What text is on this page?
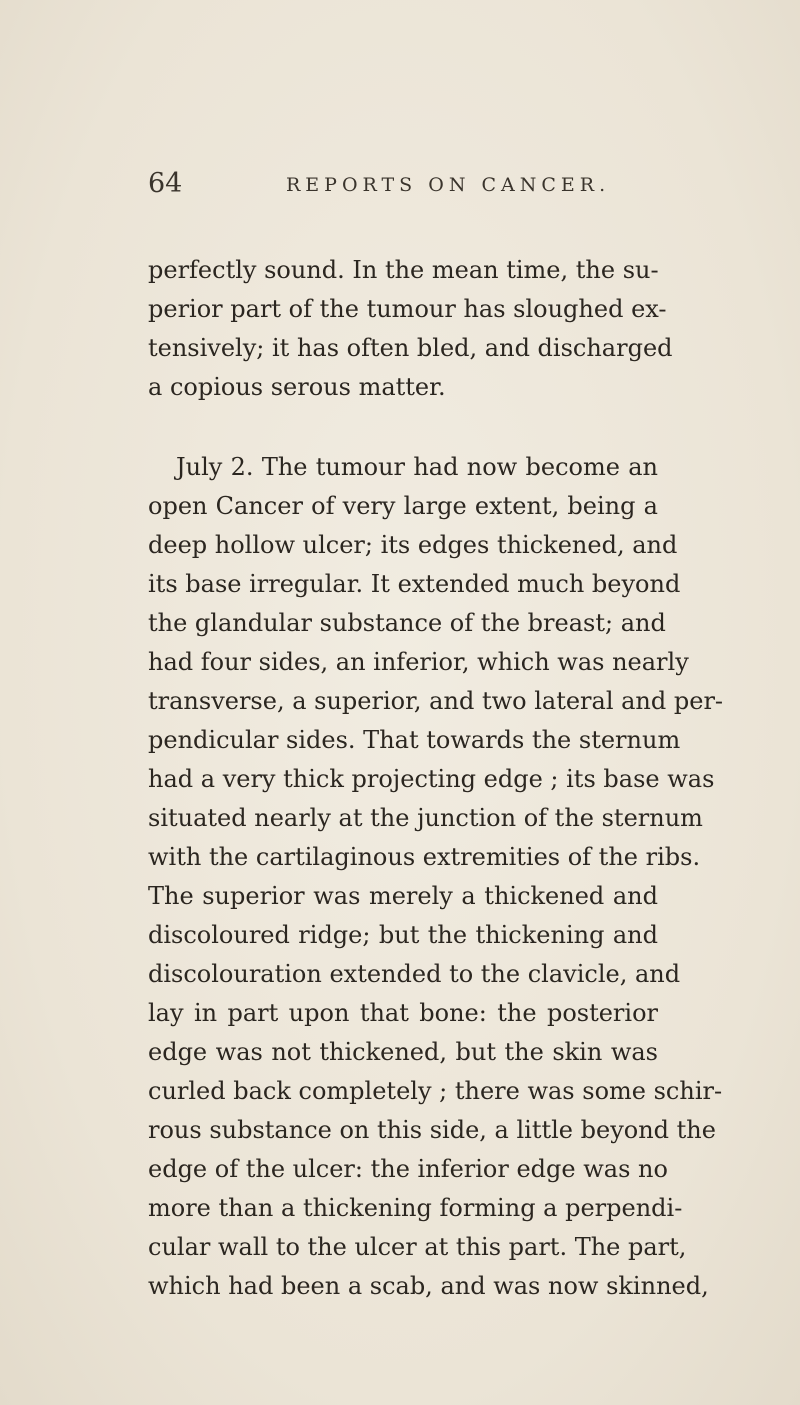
64	REPORTS ON CANCER.
perfectly sound. In the mean time, the su-
perior part of the tumour has sloughed ex-
tensively; it has often bled, and discharged
a copious serous matter.
July 2. The tumour had now become an
open Cancer of very large extent, being a
deep hollow ulcer; its edges thickened, and
its base irregular. It extended much beyond
the glandular substance of the breast; and
had four sides, an inferior, which was nearly
transverse, a superior, and two lateral and per-
pendicular sides. That towards the sternum
had a very thick projecting edge ; its base was
situated nearly at the junction of the sternum
with the cartilaginous extremities of the ribs.
The superior was merely a thickened and
discoloured ridge; but the thickening and
discolouration extended to the clavicle, and
lay in part upon that bone: the posterior
edge was not thickened, but the skin was
curled back completely ; there was some schir-
rous substance on this side, a little beyond the
edge of the ulcer: the inferior edge was no
more than a thickening forming a perpendi-
cular wall to the ulcer at this part. The part,
which had been a scab, and was now skinned,
